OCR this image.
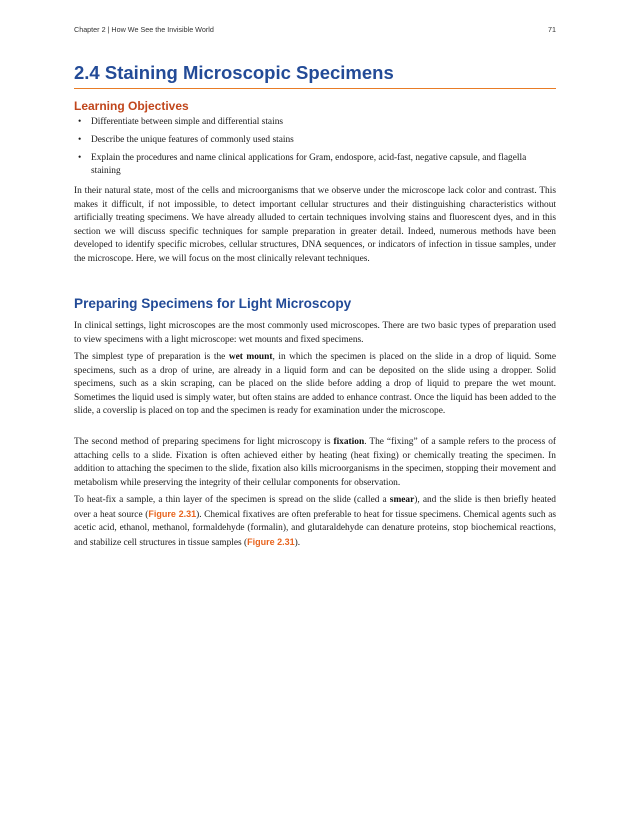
Chapter 2 | How We See the Invisible World	71
2.4 Staining Microscopic Specimens
Learning Objectives
• Differentiate between simple and differential stains
• Describe the unique features of commonly used stains
• Explain the procedures and name clinical applications for Gram, endospore, acid-fast, negative capsule, and flagella staining

In their natural state, most of the cells and microorganisms that we observe under the microscope lack color and contrast. This makes it difficult, if not impossible, to detect important cellular structures and their distinguishing characteristics without artificially treating specimens. We have already alluded to certain techniques involving stains and fluorescent dyes, and in this section we will discuss specific techniques for sample preparation in greater detail. Indeed, numerous methods have been developed to identify specific microbes, cellular structures, DNA sequences, or indicators of infection in tissue samples, under the microscope. Here, we will focus on the most clinically relevant techniques.

Preparing Specimens for Light Microscopy

In clinical settings, light microscopes are the most commonly used microscopes. There are two basic types of preparation used to view specimens with a light microscope: wet mounts and fixed specimens.

The simplest type of preparation is the wet mount, in which the specimen is placed on the slide in a drop of liquid. Some specimens, such as a drop of urine, are already in a liquid form and can be deposited on the slide using a dropper. Solid specimens, such as a skin scraping, can be placed on the slide before adding a drop of liquid to prepare the wet mount. Sometimes the liquid used is simply water, but often stains are added to enhance contrast. Once the liquid has been added to the slide, a coverslip is placed on top and the specimen is ready for examination under the microscope.

The second method of preparing specimens for light microscopy is fixation. The “fixing” of a sample refers to the process of attaching cells to a slide. Fixation is often achieved either by heating (heat fixing) or chemically treating the specimen. In addition to attaching the specimen to the slide, fixation also kills microorganisms in the specimen, stopping their movement and metabolism while preserving the integrity of their cellular components for observation.

To heat-fix a sample, a thin layer of the specimen is spread on the slide (called a smear), and the slide is then briefly heated over a heat source (Figure 2.31). Chemical fixatives are often preferable to heat for tissue specimens. Chemical agents such as acetic acid, ethanol, methanol, formaldehyde (formalin), and glutaraldehyde can denature proteins, stop biochemical reactions, and stabilize cell structures in tissue samples (Figure 2.31).
